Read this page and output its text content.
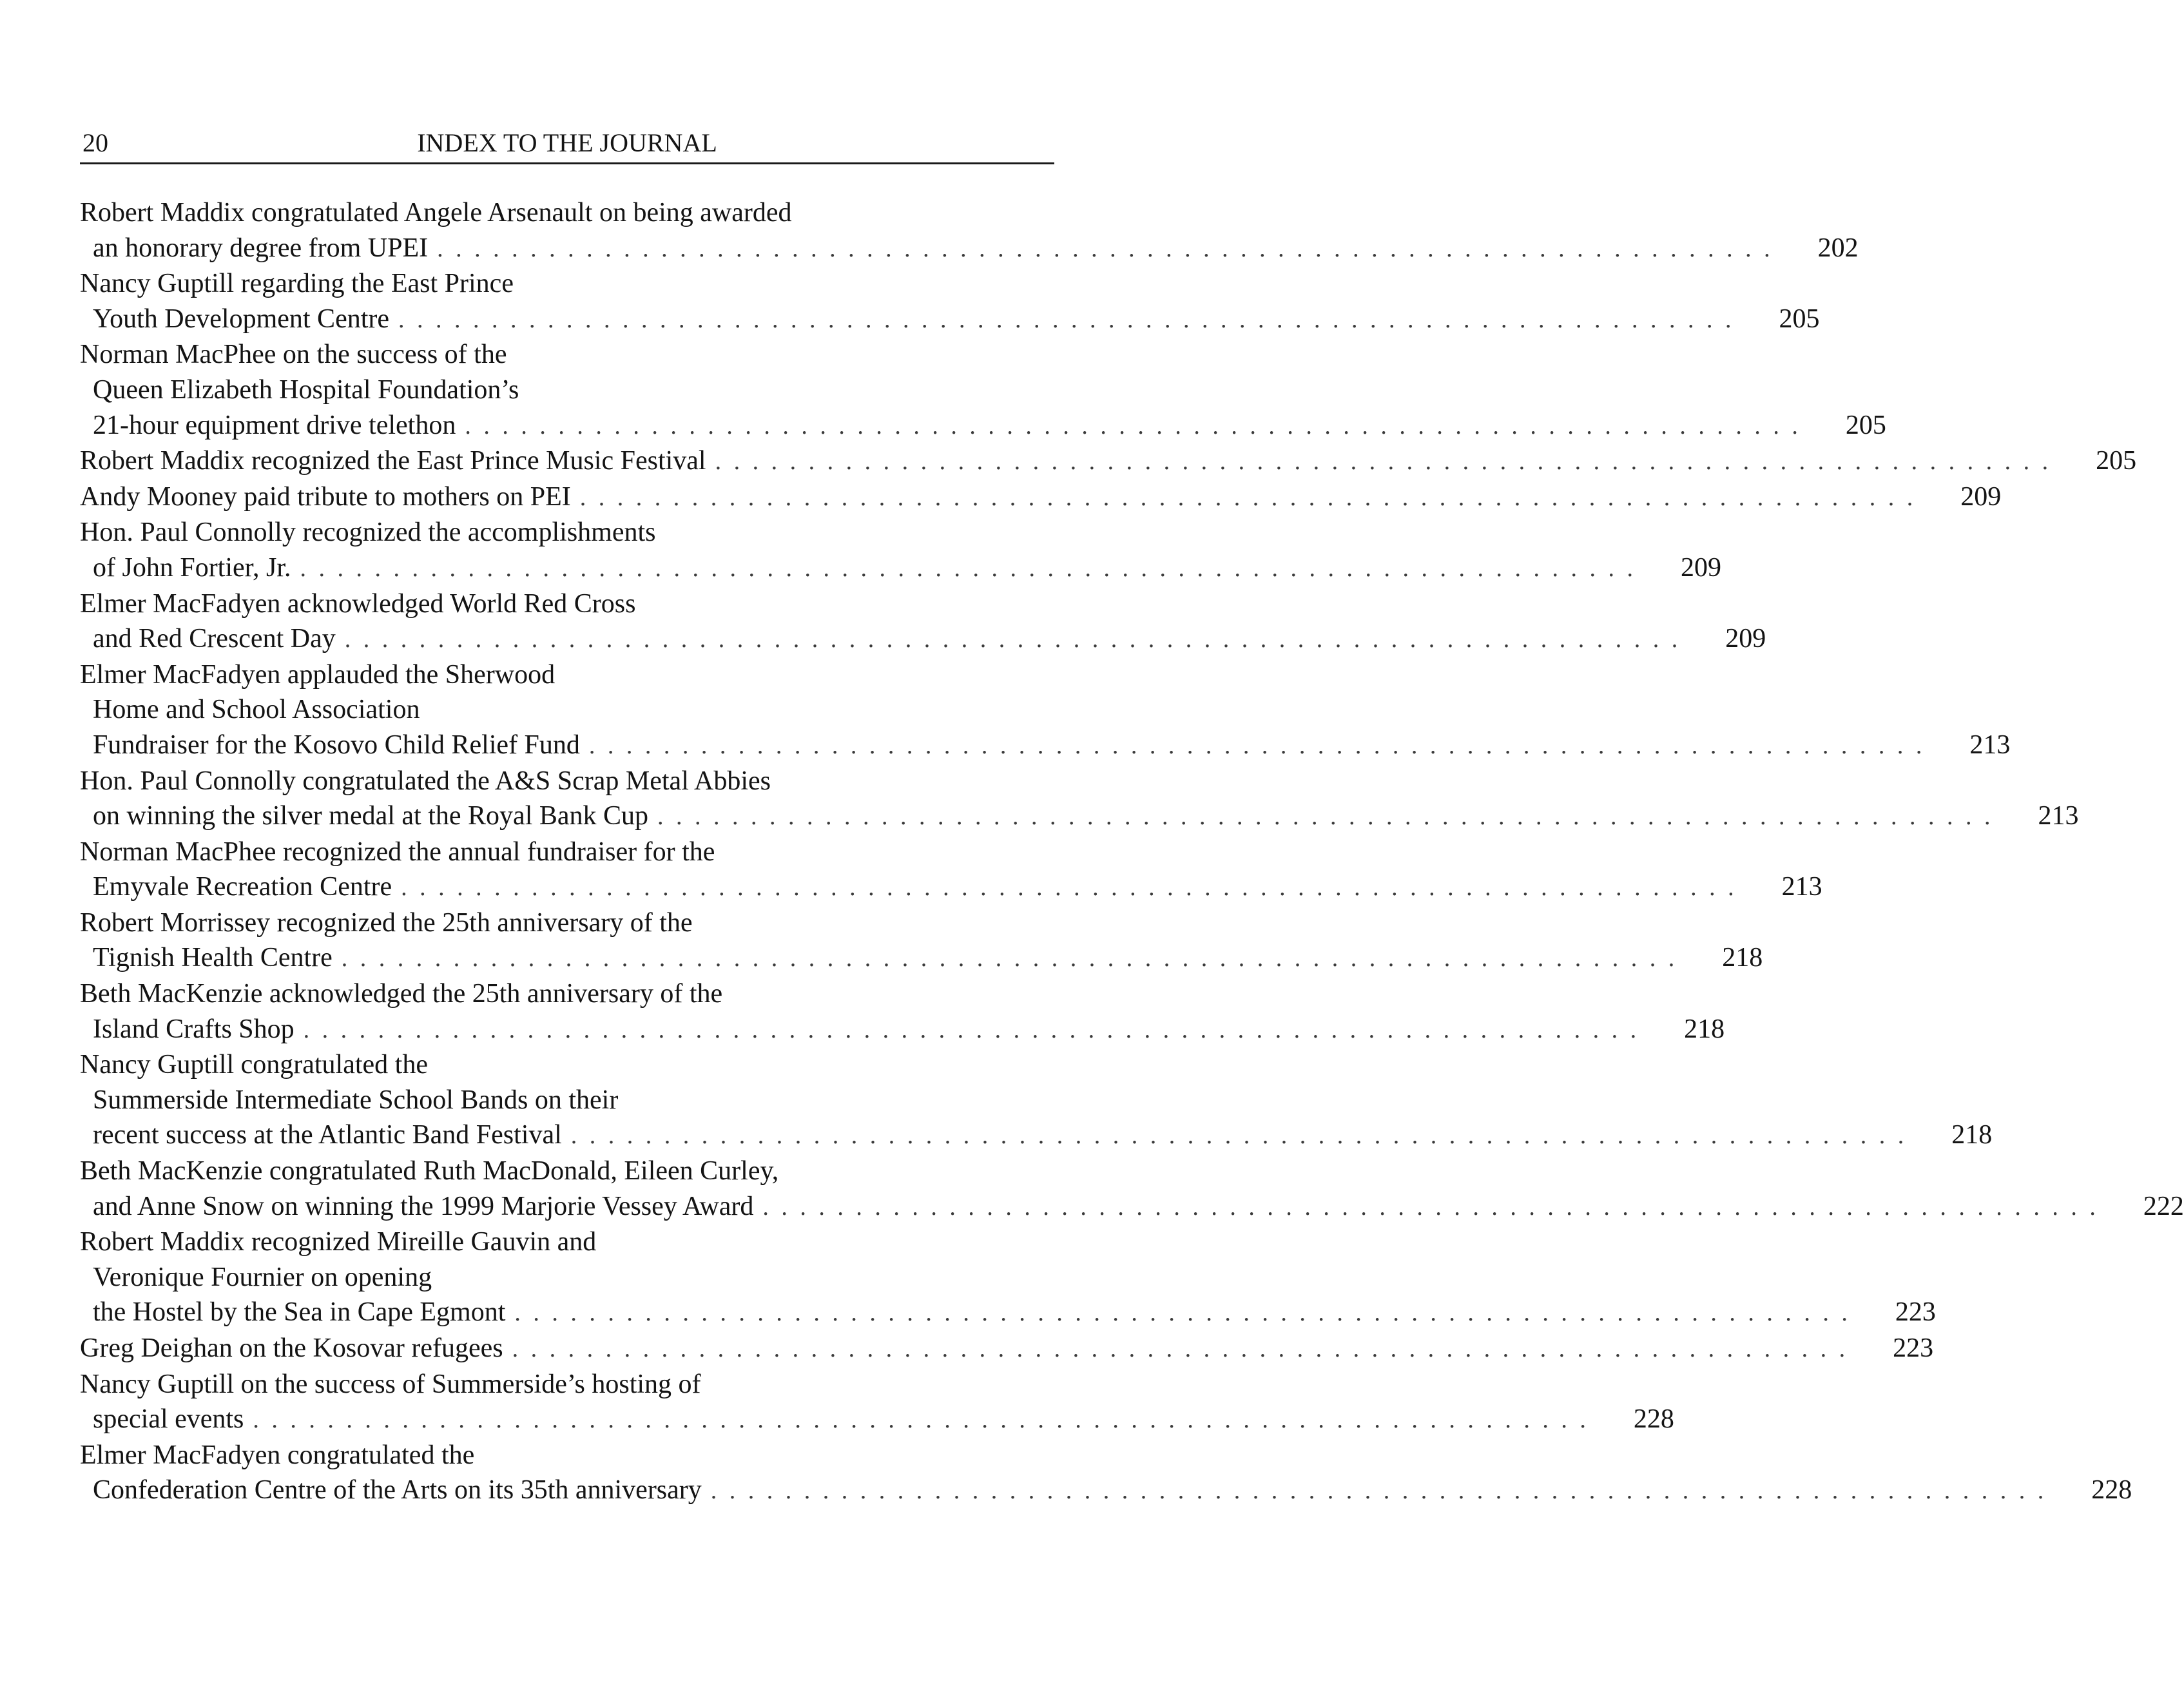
20	INDEX TO THE JOURNAL
Robert Maddix congratulated Angele Arsenault on being awarded
an honorary degree from UPEI . . . . . . . . . . . . . . . . . . . . . . . . . . . . . . . . . . . . . . . . . . . . . . . . . . . . . . . . . . . . . . . . . . . . . . . .	202
Nancy Guptill regarding the East Prince
Youth Development Centre . . . . . . . . . . . . . . . . . . . . . . . . . . . . . . . . . . . . . . . . . . . . . . . . . . . . . . . . . . . . . . . . . . . . . . . .	205
Norman MacPhee on the success of the
Queen Elizabeth Hospital Foundation’s
21-hour equipment drive telethon . . . . . . . . . . . . . . . . . . . . . . . . . . . . . . . . . . . . . . . . . . . . . . . . . . . . . . . . . . . . . . . . . . . . . . . .	205
Robert Maddix recognized the East Prince Music Festival . . . . . . . . . . . . . . . . . . . . . . . . . . . . . . . . . . . . . . . . . . . . . . . . . . . . . . . . . . . . . . . . . . . . . . . .	205
Andy Mooney paid tribute to mothers on PEI . . . . . . . . . . . . . . . . . . . . . . . . . . . . . . . . . . . . . . . . . . . . . . . . . . . . . . . . . . . . . . . . . . . . . . . .	209
Hon. Paul Connolly recognized the accomplishments
of John Fortier, Jr. . . . . . . . . . . . . . . . . . . . . . . . . . . . . . . . . . . . . . . . . . . . . . . . . . . . . . . . . . . . . . . . . . . . . . . . .	209
Elmer MacFadyen acknowledged World Red Cross
and Red Crescent Day . . . . . . . . . . . . . . . . . . . . . . . . . . . . . . . . . . . . . . . . . . . . . . . . . . . . . . . . . . . . . . . . . . . . . . . .	209
Elmer MacFadyen applauded the Sherwood
Home and School Association
Fundraiser for the Kosovo Child Relief Fund . . . . . . . . . . . . . . . . . . . . . . . . . . . . . . . . . . . . . . . . . . . . . . . . . . . . . . . . . . . . . . . . . . . . . . . .	213
Hon. Paul Connolly congratulated the A&S Scrap Metal Abbies
on winning the silver medal at the Royal Bank Cup . . . . . . . . . . . . . . . . . . . . . . . . . . . . . . . . . . . . . . . . . . . . . . . . . . . . . . . . . . . . . . . . . . . . . . . .	213
Norman MacPhee recognized the annual fundraiser for the
Emyvale Recreation Centre . . . . . . . . . . . . . . . . . . . . . . . . . . . . . . . . . . . . . . . . . . . . . . . . . . . . . . . . . . . . . . . . . . . . . . . .	213
Robert Morrissey recognized the 25th anniversary of the
Tignish Health Centre . . . . . . . . . . . . . . . . . . . . . . . . . . . . . . . . . . . . . . . . . . . . . . . . . . . . . . . . . . . . . . . . . . . . . . . .	218
Beth MacKenzie acknowledged the 25th anniversary of the
Island Crafts Shop . . . . . . . . . . . . . . . . . . . . . . . . . . . . . . . . . . . . . . . . . . . . . . . . . . . . . . . . . . . . . . . . . . . . . . . .	218
Nancy Guptill congratulated the
Summerside Intermediate School Bands on their
recent success at the Atlantic Band Festival . . . . . . . . . . . . . . . . . . . . . . . . . . . . . . . . . . . . . . . . . . . . . . . . . . . . . . . . . . . . . . . . . . . . . . . .	218
Beth MacKenzie congratulated Ruth MacDonald, Eileen Curley,
and Anne Snow on winning the 1999 Marjorie Vessey Award . . . . . . . . . . . . . . . . . . . . . . . . . . . . . . . . . . . . . . . . . . . . . . . . . . . . . . . . . . . . . . . . . . . . . . . .	222
Robert Maddix recognized Mireille Gauvin and
Veronique Fournier on opening
the Hostel by the Sea in Cape Egmont . . . . . . . . . . . . . . . . . . . . . . . . . . . . . . . . . . . . . . . . . . . . . . . . . . . . . . . . . . . . . . . . . . . . . . . .	223
Greg Deighan on the Kosovar refugees . . . . . . . . . . . . . . . . . . . . . . . . . . . . . . . . . . . . . . . . . . . . . . . . . . . . . . . . . . . . . . . . . . . . . . . .	223
Nancy Guptill on the success of Summerside’s hosting of
special events . . . . . . . . . . . . . . . . . . . . . . . . . . . . . . . . . . . . . . . . . . . . . . . . . . . . . . . . . . . . . . . . . . . . . . . .	228
Elmer MacFadyen congratulated the
Confederation Centre of the Arts on its 35th anniversary . . . . . . . . . . . . . . . . . . . . . . . . . . . . . . . . . . . . . . . . . . . . . . . . . . . . . . . . . . . . . . . . . . . . . . . .	228
